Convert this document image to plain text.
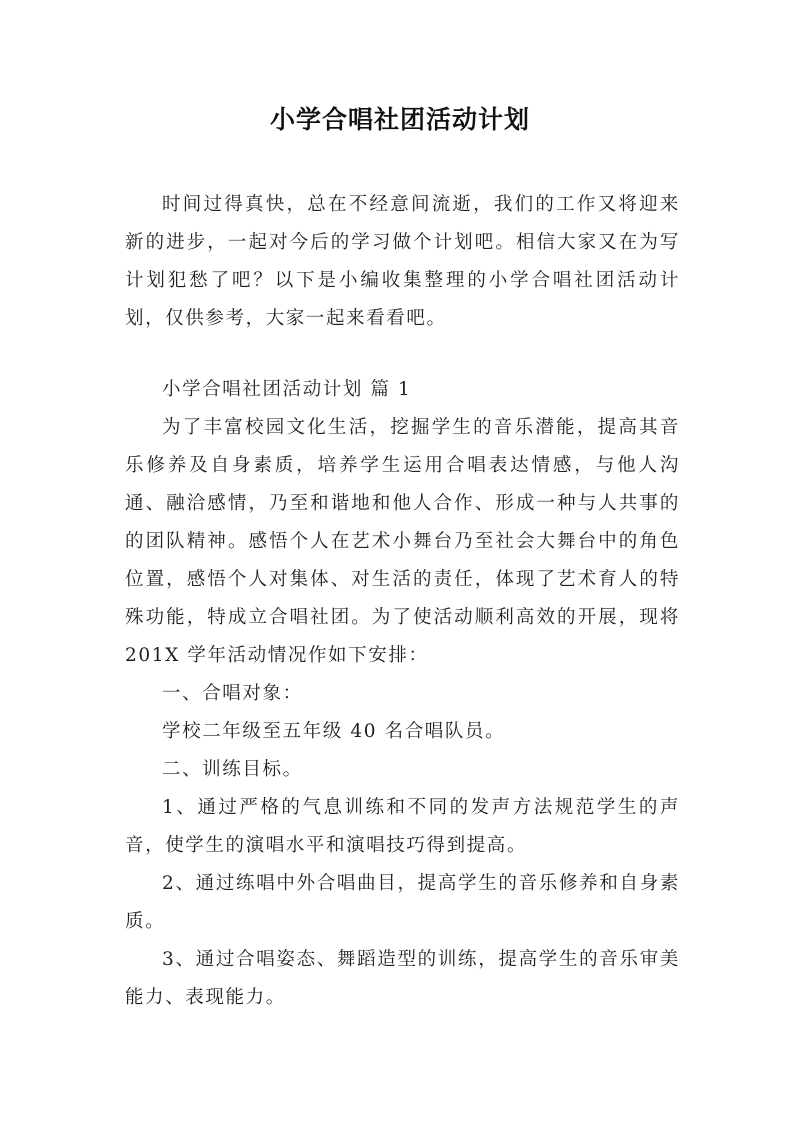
小学合唱社团活动计划

时间过得真快，总在不经意间流逝，我们的工作又将迎来新的进步，一起对今后的学习做个计划吧。相信大家又在为写计划犯愁了吧？以下是小编收集整理的小学合唱社团活动计划，仅供参考，大家一起来看看吧。

小学合唱社团活动计划 篇 1

为了丰富校园文化生活，挖掘学生的音乐潜能，提高其音乐修养及自身素质，培养学生运用合唱表达情感，与他人沟通、融洽感情，乃至和谐地和他人合作、形成一种与人共事的的团队精神。感悟个人在艺术小舞台乃至社会大舞台中的角色位置，感悟个人对集体、对生活的责任，体现了艺术育人的特殊功能，特成立合唱社团。为了使活动顺利高效的开展，现将 201X 学年活动情况作如下安排：

一、合唱对象：

学校二年级至五年级 40 名合唱队员。

二、训练目标。

1、通过严格的气息训练和不同的发声方法规范学生的声音，使学生的演唱水平和演唱技巧得到提高。

2、通过练唱中外合唱曲目，提高学生的音乐修养和自身素质。

3、通过合唱姿态、舞蹈造型的训练，提高学生的音乐审美能力、表现能力。
